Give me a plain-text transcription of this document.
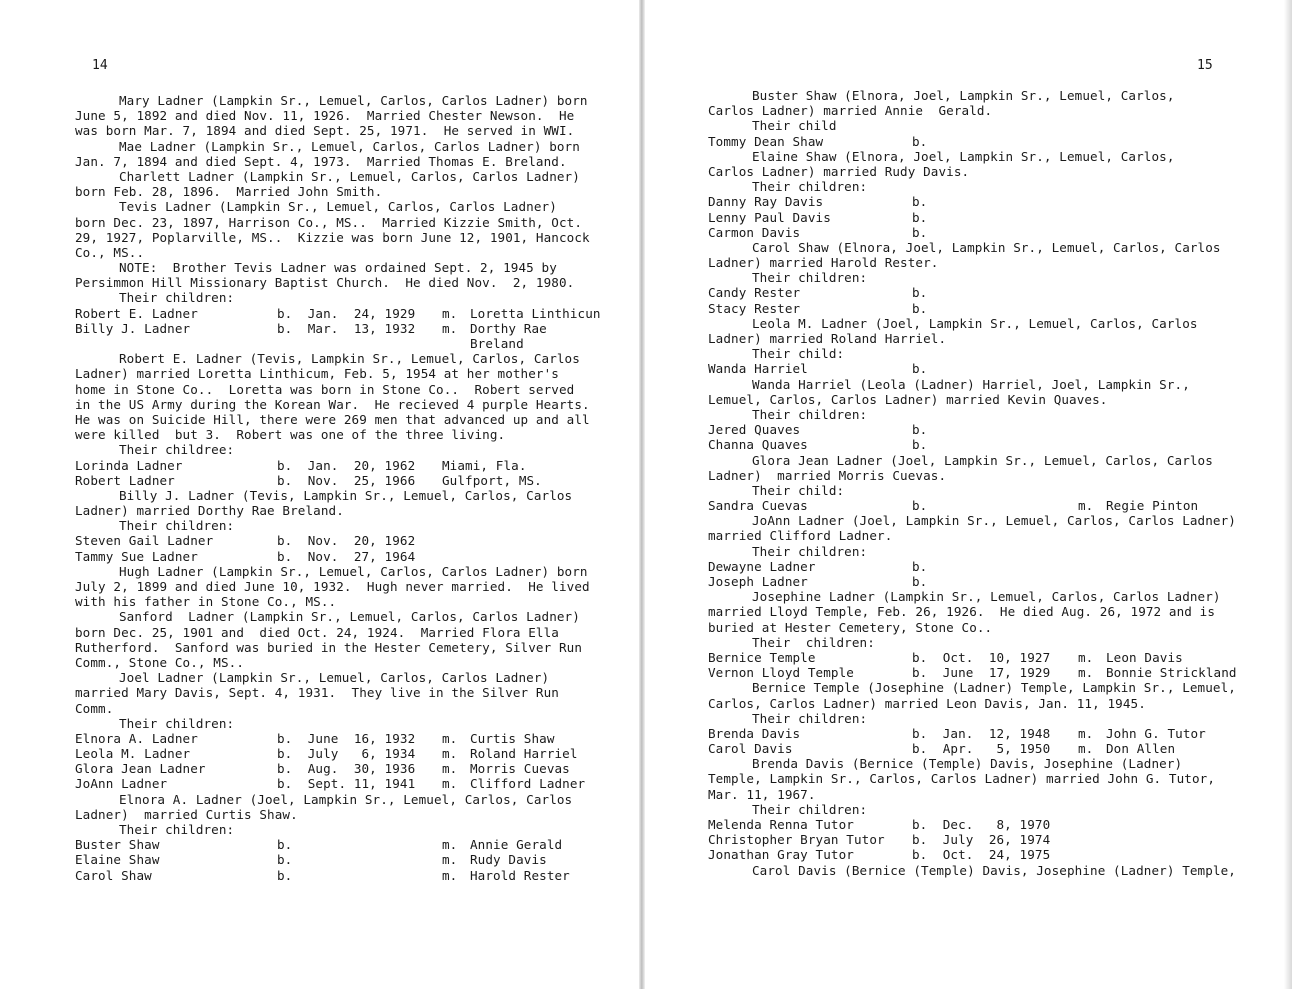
14
Mary Ladner (Lampkin Sr., Lemuel, Carlos, Carlos Ladner) born
June 5, 1892 and died Nov. 11, 1926.  Married Chester Newson.  He
was born Mar. 7, 1894 and died Sept. 25, 1971.  He served in WWI.
Mae Ladner (Lampkin Sr., Lemuel, Carlos, Carlos Ladner) born
Jan. 7, 1894 and died Sept. 4, 1973.  Married Thomas E. Breland.
Charlett Ladner (Lampkin Sr., Lemuel, Carlos, Carlos Ladner)
born Feb. 28, 1896.  Married John Smith.
Tevis Ladner (Lampkin Sr., Lemuel, Carlos, Carlos Ladner)
born Dec. 23, 1897, Harrison Co., MS..  Married Kizzie Smith, Oct.
29, 1927, Poplarville, MS..  Kizzie was born June 12, 1901, Hancock
Co., MS..
NOTE:  Brother Tevis Ladner was ordained Sept. 2, 1945 by
Persimmon Hill Missionary Baptist Church.  He died Nov.  2, 1980.
Their children:
Robert E. Ladner	b.  Jan.  24, 1929 m. Loretta Linthicun
Billy J. Ladner	b.  Mar.  13, 1932 m. Dorthy Rae
Breland
Robert E. Ladner (Tevis, Lampkin Sr., Lemuel, Carlos, Carlos
Ladner) married Loretta Linthicum, Feb. 5, 1954 at her mother's
home in Stone Co..  Loretta was born in Stone Co..  Robert served
in the US Army during the Korean War.  He recieved 4 purple Hearts.
He was on Suicide Hill, there were 269 men that advanced up and all
were killed  but 3.  Robert was one of the three living.
Their childree:
Lorinda Ladner	b.  Jan.  20, 1962 Miami, Fla.
Robert Ladner	b.  Nov.  25, 1966 Gulfport, MS.
Billy J. Ladner (Tevis, Lampkin Sr., Lemuel, Carlos, Carlos
Ladner) married Dorthy Rae Breland.
Their children:
Steven Gail Ladner	b.  Nov.  20, 1962
Tammy Sue Ladner	b.  Nov.  27, 1964
Hugh Ladner (Lampkin Sr., Lemuel, Carlos, Carlos Ladner) born
July 2, 1899 and died June 10, 1932.  Hugh never married.  He lived
with his father in Stone Co., MS..
Sanford  Ladner (Lampkin Sr., Lemuel, Carlos, Carlos Ladner)
born Dec. 25, 1901 and  died Oct. 24, 1924.  Married Flora Ella
Rutherford.  Sanford was buried in the Hester Cemetery, Silver Run
Comm., Stone Co., MS..
Joel Ladner (Lampkin Sr., Lemuel, Carlos, Carlos Ladner)
married Mary Davis, Sept. 4, 1931.  They live in the Silver Run
Comm.
Their children:
Elnora A. Ladner	b.  June  16, 1932 m. Curtis Shaw
Leola M. Ladner	b.  July   6, 1934 m. Roland Harriel
Glora Jean Ladner	b.  Aug.  30, 1936 m. Morris Cuevas
JoAnn Ladner	b.  Sept. 11, 1941 m. Clifford Ladner
Elnora A. Ladner (Joel, Lampkin Sr., Lemuel, Carlos, Carlos
Ladner)  married Curtis Shaw.
Their children:
Buster Shaw	b.	m. Annie Gerald
Elaine Shaw	b.	m. Rudy Davis
Carol Shaw	b.	m. Harold Rester
15
Buster Shaw (Elnora, Joel, Lampkin Sr., Lemuel, Carlos,
Carlos Ladner) married Annie  Gerald.
Their child
Tommy Dean Shaw	b.
Elaine Shaw (Elnora, Joel, Lampkin Sr., Lemuel, Carlos,
Carlos Ladner) married Rudy Davis.
Their children:
Danny Ray Davis	b.
Lenny Paul Davis	b.
Carmon Davis	b.
Carol Shaw (Elnora, Joel, Lampkin Sr., Lemuel, Carlos, Carlos
Ladner) married Harold Rester.
Their children:
Candy Rester	b.
Stacy Rester	b.
Leola M. Ladner (Joel, Lampkin Sr., Lemuel, Carlos, Carlos
Ladner) married Roland Harriel.
Their child:
Wanda Harriel	b.
Wanda Harriel (Leola (Ladner) Harriel, Joel, Lampkin Sr.,
Lemuel, Carlos, Carlos Ladner) married Kevin Quaves.
Their children:
Jered Quaves	b.
Channa Quaves	b.
Glora Jean Ladner (Joel, Lampkin Sr., Lemuel, Carlos, Carlos
Ladner)  married Morris Cuevas.
Their child:
Sandra Cuevas	b.	m. Regie Pinton
JoAnn Ladner (Joel, Lampkin Sr., Lemuel, Carlos, Carlos Ladner)
married Clifford Ladner.
Their children:
Dewayne Ladner	b.
Joseph Ladner	b.
Josephine Ladner (Lampkin Sr., Lemuel, Carlos, Carlos Ladner)
married Lloyd Temple, Feb. 26, 1926.  He died Aug. 26, 1972 and is
buried at Hester Cemetery, Stone Co..
Their  children:
Bernice Temple	b.  Oct.  10, 1927 m. Leon Davis
Vernon Lloyd Temple	b.  June  17, 1929 m. Bonnie Strickland
Bernice Temple (Josephine (Ladner) Temple, Lampkin Sr., Lemuel,
Carlos, Carlos Ladner) married Leon Davis, Jan. 11, 1945.
Their children:
Brenda Davis	b.  Jan.  12, 1948 m. John G. Tutor
Carol Davis	b.  Apr.   5, 1950 m. Don Allen
Brenda Davis (Bernice (Temple) Davis, Josephine (Ladner)
Temple, Lampkin Sr., Carlos, Carlos Ladner) married John G. Tutor,
Mar. 11, 1967.
Their children:
Melenda Renna Tutor	b.  Dec.   8, 1970
Christopher Bryan Tutor b.  July  26, 1974
Jonathan Gray Tutor	b.  Oct.  24, 1975
Carol Davis (Bernice (Temple) Davis, Josephine (Ladner) Temple,
